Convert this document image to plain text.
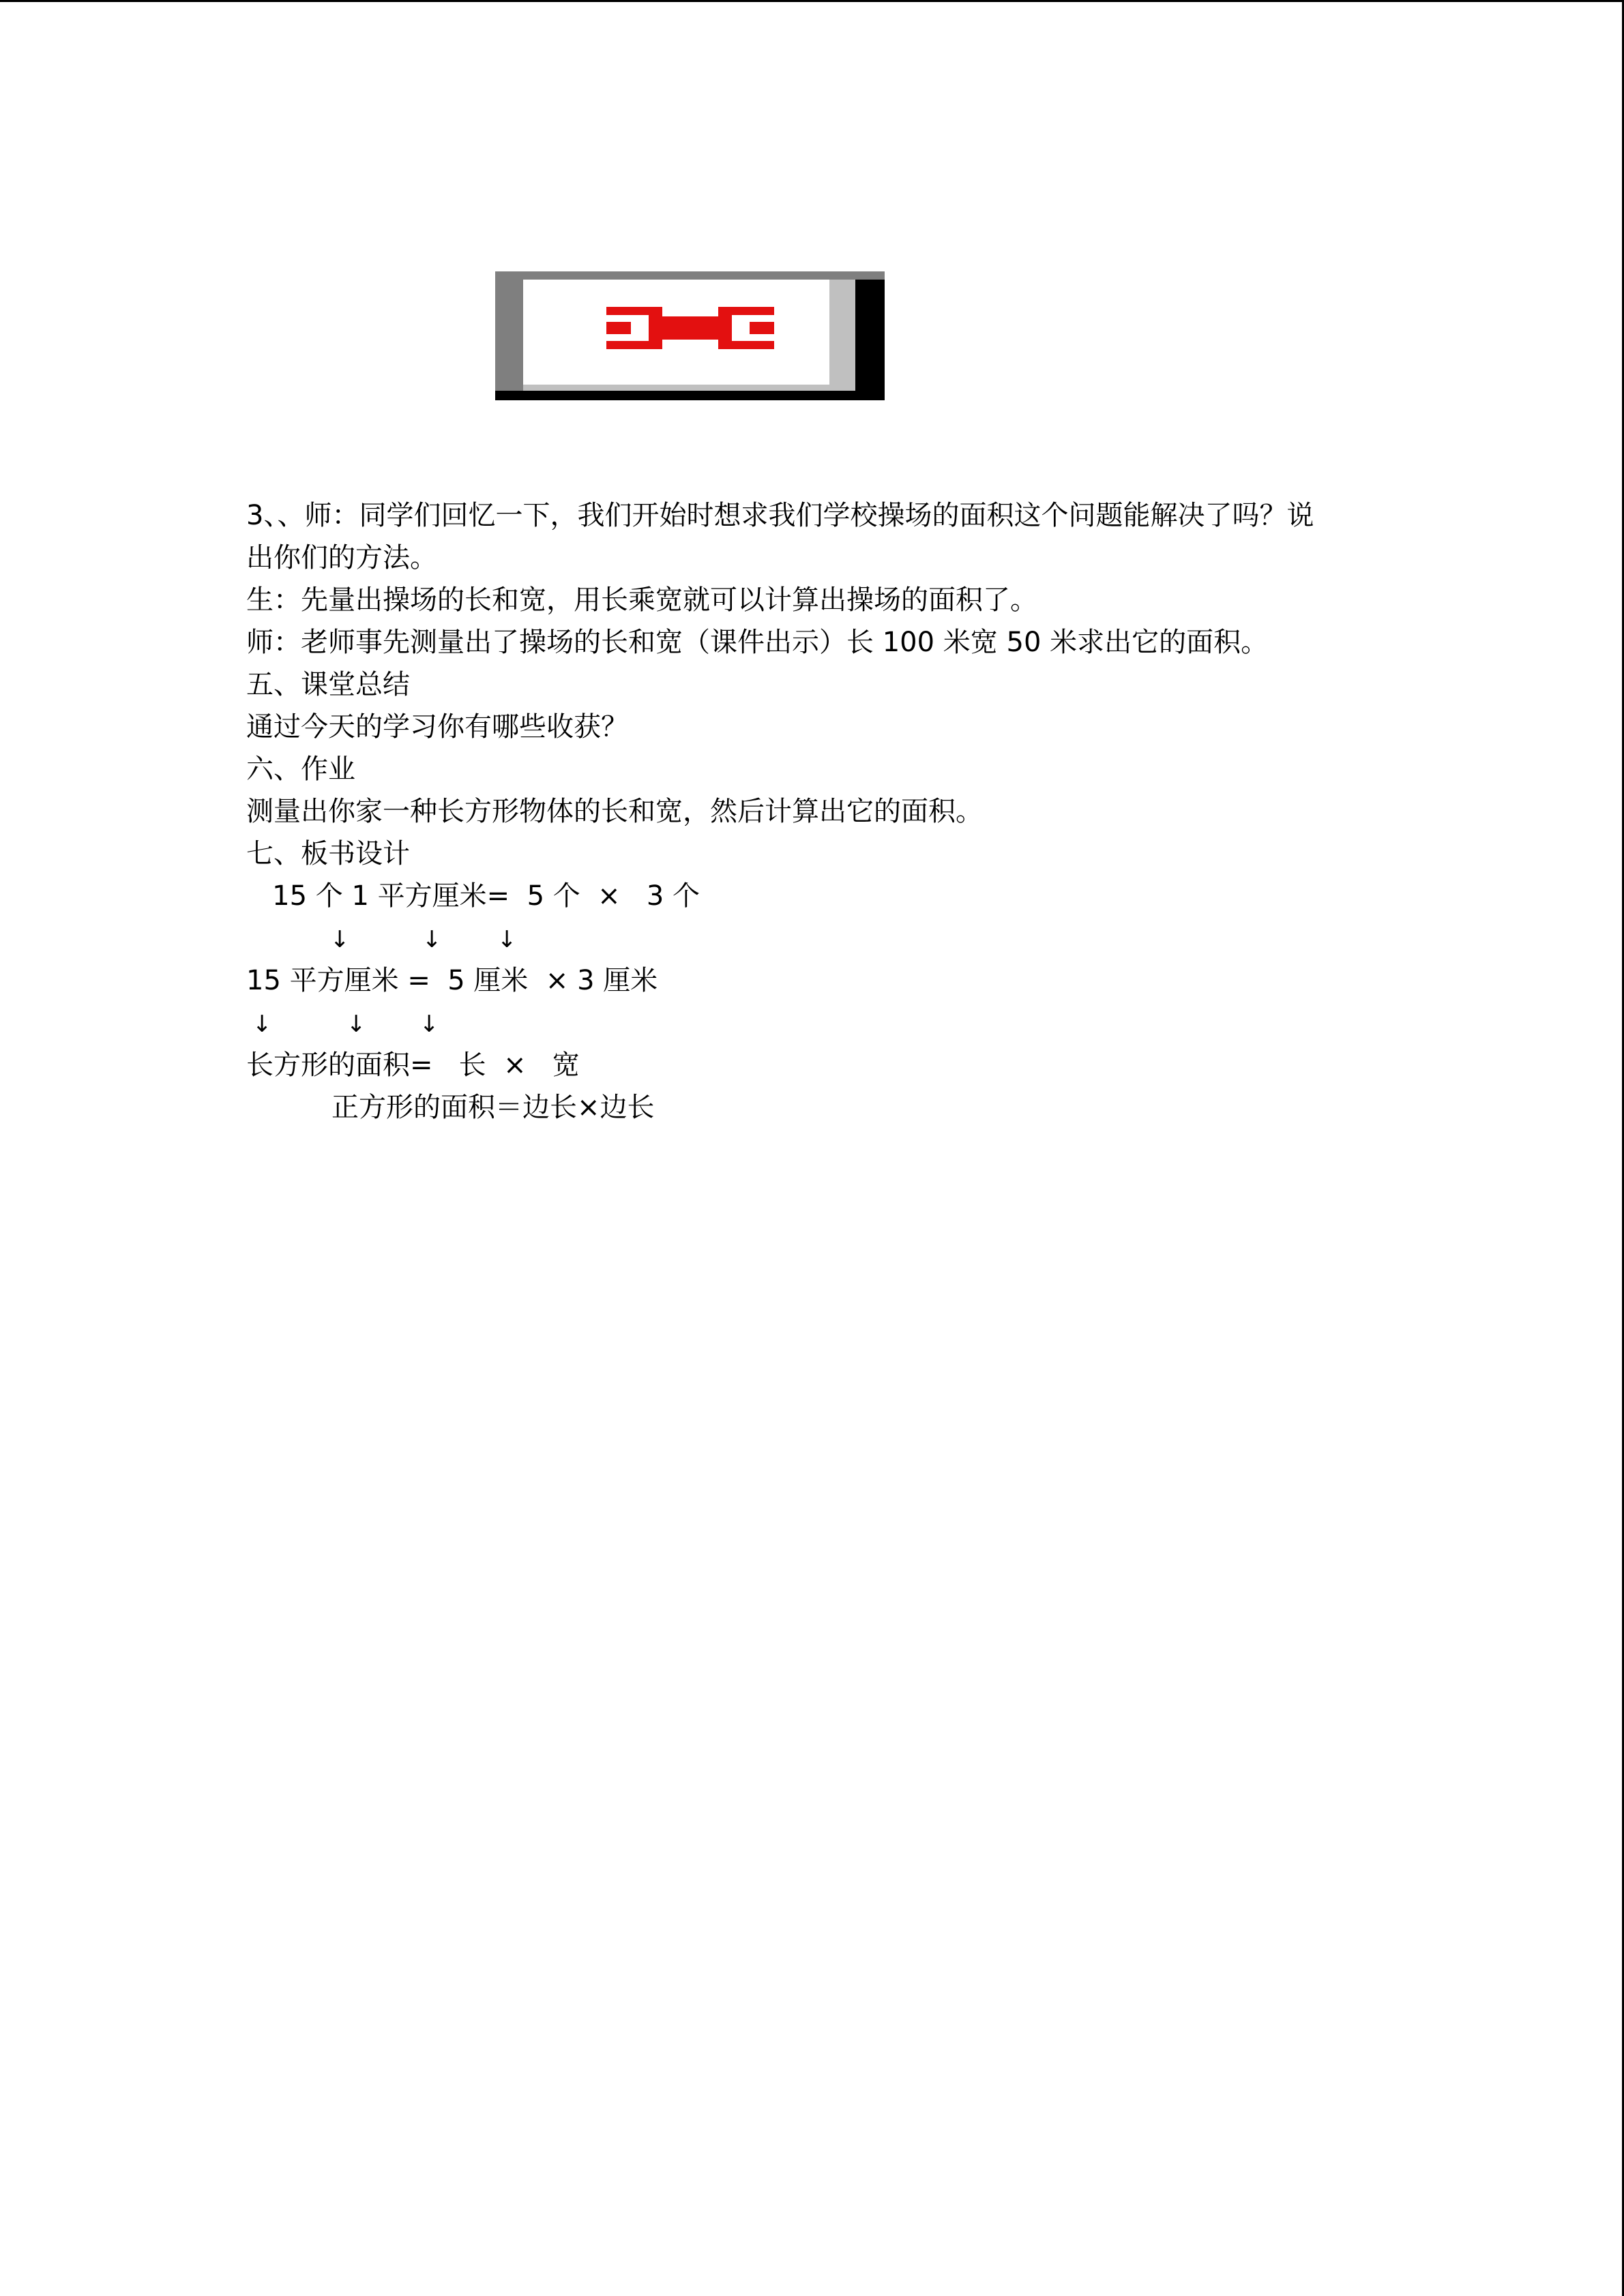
3、、师：同学们回忆一下，我们开始时想求我们学校操场的面积这个问题能解决了吗？说
出你们的方法。
生：先量出操场的长和宽，用长乘宽就可以计算出操场的面积了。
师：老师事先测量出了操场的长和宽（课件出示）长 100 米宽 50 米求出它的面积。
五、课堂总结
通过今天的学习你有哪些收获？
六、作业
测量出你家一种长方形物体的长和宽，然后计算出它的面积。
七、板书设计
15 个 1 平方厘米=  5 个  ×   3 个
↓	↓ ↓
15 平方厘米 =  5 厘米  × 3 厘米
↓	↓ ↓
长方形的面积=   长  ×   宽
正方形的面积＝边长×边长
